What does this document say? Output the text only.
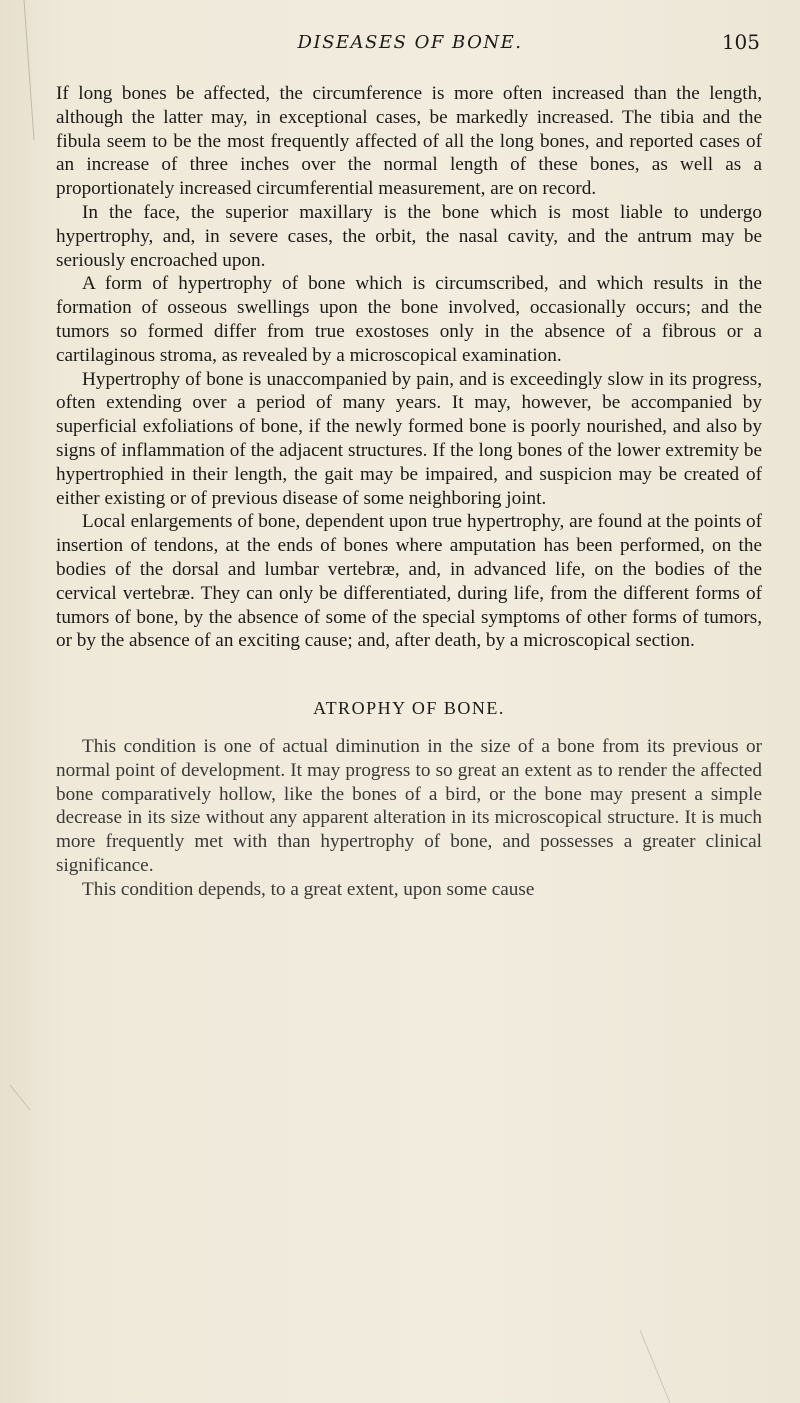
DISEASES OF BONE.	105

If long bones be affected, the circumference is more often increased than the length, although the latter may, in exceptional cases, be markedly increased. The tibia and the fibula seem to be the most frequently affected of all the long bones, and reported cases of an increase of three inches over the normal length of these bones, as well as a proportionately increased circumferential measurement, are on record.

In the face, the superior maxillary is the bone which is most liable to undergo hypertrophy, and, in severe cases, the orbit, the nasal cavity, and the antrum may be seriously encroached upon.

A form of hypertrophy of bone which is circumscribed, and which results in the formation of osseous swellings upon the bone involved, occasionally occurs; and the tumors so formed differ from true exostoses only in the absence of a fibrous or a cartilaginous stroma, as revealed by a microscopical examination.

Hypertrophy of bone is unaccompanied by pain, and is exceedingly slow in its progress, often extending over a period of many years. It may, however, be accompanied by superficial exfoliations of bone, if the newly formed bone is poorly nourished, and also by signs of inflammation of the adjacent structures. If the long bones of the lower extremity be hypertrophied in their length, the gait may be impaired, and suspicion may be created of either existing or of previous disease of some neighboring joint.

Local enlargements of bone, dependent upon true hypertrophy, are found at the points of insertion of tendons, at the ends of bones where amputation has been performed, on the bodies of the dorsal and lumbar vertebræ, and, in advanced life, on the bodies of the cervical vertebræ. They can only be differentiated, during life, from the different forms of tumors of bone, by the absence of some of the special symptoms of other forms of tumors, or by the absence of an exciting cause; and, after death, by a microscopical section.

ATROPHY OF BONE.

This condition is one of actual diminution in the size of a bone from its previous or normal point of development. It may progress to so great an extent as to render the affected bone comparatively hollow, like the bones of a bird, or the bone may present a simple decrease in its size without any apparent alteration in its microscopical structure. It is much more frequently met with than hypertrophy of bone, and possesses a greater clinical significance.

This condition depends, to a great extent, upon some cause
